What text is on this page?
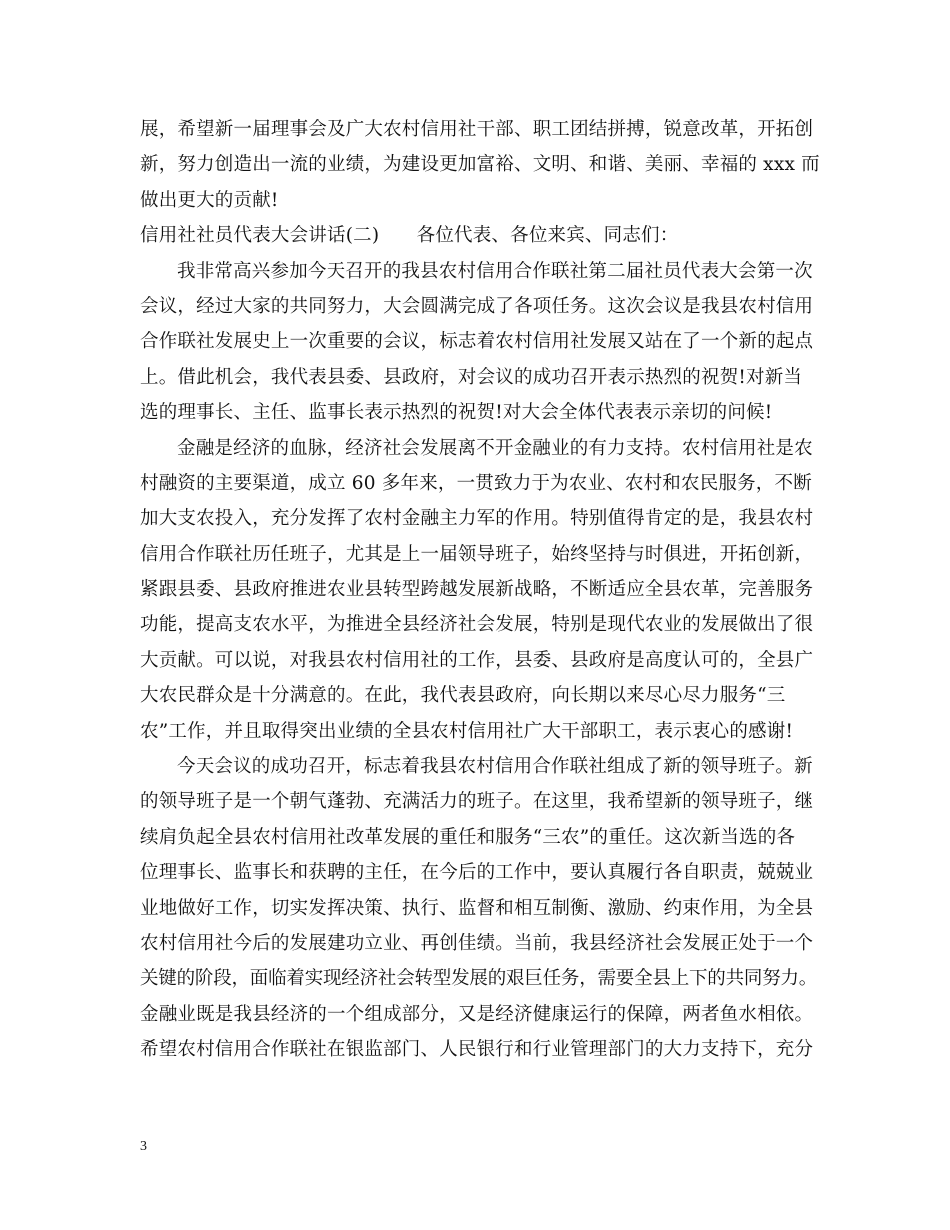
展，希望新一届理事会及广大农村信用社干部、职工团结拼搏，锐意改革，开拓创
新，努力创造出一流的业绩，为建设更加富裕、文明、和谐、美丽、幸福的 xxx 而
做出更大的贡献!
信用社社员代表大会讲话(二)　　各位代表、各位来宾、同志们：
我非常高兴参加今天召开的我县农村信用合作联社第二届社员代表大会第一次
会议，经过大家的共同努力，大会圆满完成了各项任务。这次会议是我县农村信用
合作联社发展史上一次重要的会议，标志着农村信用社发展又站在了一个新的起点
上。借此机会，我代表县委、县政府，对会议的成功召开表示热烈的祝贺!对新当
选的理事长、主任、监事长表示热烈的祝贺!对大会全体代表表示亲切的问候!
金融是经济的血脉，经济社会发展离不开金融业的有力支持。农村信用社是农
村融资的主要渠道，成立 60 多年来，一贯致力于为农业、农村和农民服务，不断
加大支农投入，充分发挥了农村金融主力军的作用。特别值得肯定的是，我县农村
信用合作联社历任班子，尤其是上一届领导班子，始终坚持与时俱进，开拓创新，
紧跟县委、县政府推进农业县转型跨越发展新战略，不断适应全县农革，完善服务
功能，提高支农水平，为推进全县经济社会发展，特别是现代农业的发展做出了很
大贡献。可以说，对我县农村信用社的工作，县委、县政府是高度认可的，全县广
大农民群众是十分满意的。在此，我代表县政府，向长期以来尽心尽力服务“三
农”工作，并且取得突出业绩的全县农村信用社广大干部职工，表示衷心的感谢!
今天会议的成功召开，标志着我县农村信用合作联社组成了新的领导班子。新
的领导班子是一个朝气蓬勃、充满活力的班子。在这里，我希望新的领导班子，继
续肩负起全县农村信用社改革发展的重任和服务“三农”的重任。这次新当选的各
位理事长、监事长和获聘的主任，在今后的工作中，要认真履行各自职责，兢兢业
业地做好工作，切实发挥决策、执行、监督和相互制衡、激励、约束作用，为全县
农村信用社今后的发展建功立业、再创佳绩。当前，我县经济社会发展正处于一个
关键的阶段，面临着实现经济社会转型发展的艰巨任务，需要全县上下的共同努力。
金融业既是我县经济的一个组成部分，又是经济健康运行的保障，两者鱼水相依。
希望农村信用合作联社在银监部门、人民银行和行业管理部门的大力支持下，充分
3
